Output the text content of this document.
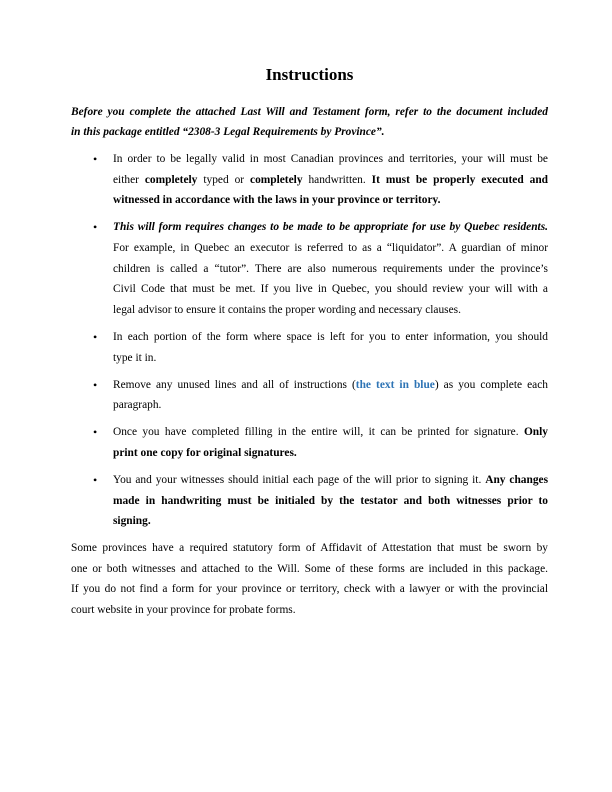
Instructions

Before you complete the attached Last Will and Testament form, refer to the document included
in this package entitled “2308-3 Legal Requirements by Province”.

• In order to be legally valid in most Canadian provinces and territories, your will must be
either completely typed or completely handwritten. It must be properly executed and
witnessed in accordance with the laws in your province or territory.
• This will form requires changes to be made to be appropriate for use by Quebec residents.
For example, in Quebec an executor is referred to as a “liquidator”. A guardian of minor
children is called a “tutor”. There are also numerous requirements under the province’s
Civil Code that must be met. If you live in Quebec, you should review your will with a
legal advisor to ensure it contains the proper wording and necessary clauses.
• In each portion of the form where space is left for you to enter information, you should
type it in.
• Remove any unused lines and all of instructions (the text in blue) as you complete each
paragraph.
• Once you have completed filling in the entire will, it can be printed for signature. Only
print one copy for original signatures.
• You and your witnesses should initial each page of the will prior to signing it. Any changes
made in handwriting must be initialed by the testator and both witnesses prior to
signing.

Some provinces have a required statutory form of Affidavit of Attestation that must be sworn by
one or both witnesses and attached to the Will. Some of these forms are included in this package.
If you do not find a form for your province or territory, check with a lawyer or with the provincial
court website in your province for probate forms.
